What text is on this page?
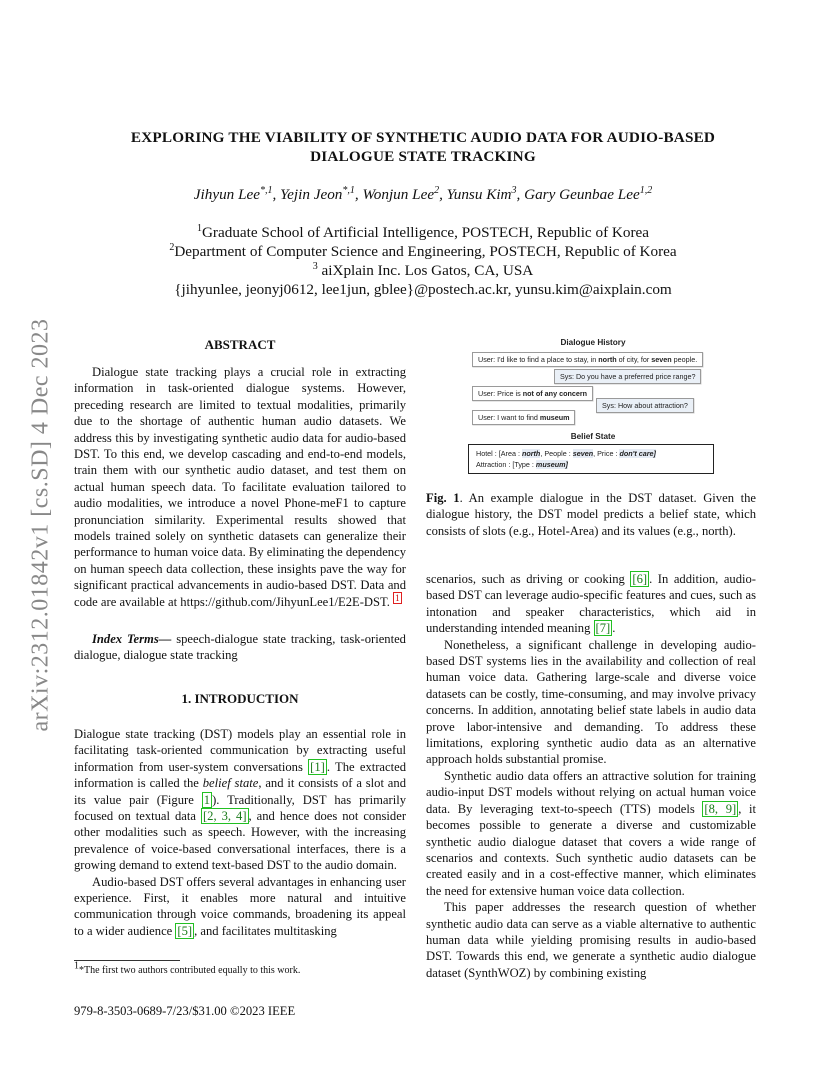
arXiv:2312.01842v1 [cs.SD] 4 Dec 2023
EXPLORING THE VIABILITY OF SYNTHETIC AUDIO DATA FOR AUDIO-BASED
DIALOGUE STATE TRACKING
Jihyun Lee$^{*,1}$, Yejin Jeon$^{*,1}$, Wonjun Lee$^2$, Yunsu Kim$^3$, Gary Geunbae Lee$^{1,2}$
$^1$Graduate School of Artificial Intelligence, POSTECH, Republic of Korea
$^2$Department of Computer Science and Engineering, POSTECH, Republic of Korea
$^3$ aiXplain Inc. Los Gatos, CA, USA
{jihyunlee, jeonyj0612, lee1jun, gblee}@postech.ac.kr, yunsu.kim@aixplain.com
ABSTRACT

Dialogue state tracking plays a crucial role in extracting information in task-oriented dialogue systems. However, preceding research are limited to textual modalities, primarily due to the shortage of authentic human audio datasets. We address this by investigating synthetic audio data for audio-based DST. To this end, we develop cascading and end-to-end models, train them with our synthetic audio dataset, and test them on actual human speech data. To facilitate evaluation tailored to audio modalities, we introduce a novel Phone-meF1 to capture pronunciation similarity. Experimental results showed that models trained solely on synthetic datasets can generalize their performance to human voice data. By eliminating the dependency on human speech data collection, these insights pave the way for significant practical advancements in audio-based DST. Data and code are available at https://github.com/JihyunLee1/E2E-DST. $^1$

Index Terms— speech-dialogue state tracking, task-oriented dialogue, dialogue state tracking

1. INTRODUCTION

Dialogue state tracking (DST) models play an essential role in facilitating task-oriented communication by extracting useful information from user-system conversations [1] . The extracted information is called the belief state, and it consists of a slot and its value pair (Figure 1 ). Traditionally, DST has primarily focused on textual data [2, 3, 4] , and hence does not consider other modalities such as speech. However, with the increasing prevalence of voice-based conversational interfaces, there is a growing demand to extend text-based DST to the audio domain.

Audio-based DST offers several advantages in enhancing user experience. First, it enables more natural and intuitive communication through voice commands, broadening its appeal to a wider audience [5] , and facilitates multitasking

Dialogue History
User: I'd like to find a place to stay, in north of city, for seven people.
Sys: Do you have a preferred price range?
User: Price is not of any concern
Sys: How about attraction?
User: I want to find museum
Belief State
Hotel : [Area : north, People : seven, Price : don't care]
Attraction : [Type : museum]
Fig. 1. An example dialogue in the DST dataset. Given the dialogue history, the DST model predicts a belief state, which consists of slots (e.g., Hotel-Area) and its values (e.g., north).

scenarios, such as driving or cooking [6] . In addition, audio-based DST can leverage audio-specific features and cues, such as intonation and speaker characteristics, which aid in understanding intended meaning [7] .

Nonetheless, a significant challenge in developing audio-based DST systems lies in the availability and collection of real human voice data. Gathering large-scale and diverse voice datasets can be costly, time-consuming, and may involve privacy concerns. In addition, annotating belief state labels in audio data prove labor-intensive and demanding. To address these limitations, exploring synthetic audio data as an alternative approach holds substantial promise.

Synthetic audio data offers an attractive solution for training audio-input DST models without relying on actual human voice data. By leveraging text-to-speech (TTS) models [8, 9] , it becomes possible to generate a diverse and customizable synthetic audio dialogue dataset that covers a wide range of scenarios and contexts. Such synthetic audio datasets can be created easily and in a cost-effective manner, which eliminates the need for extensive human voice data collection.

This paper addresses the research question of whether synthetic audio data can serve as a viable alternative to authentic human data while yielding promising results in audio-based DST. Towards this end, we generate a synthetic audio dialogue dataset (SynthWOZ) by combining existing

$^1$*The first two authors contributed equally to this work.
979-8-3503-0689-7/23/$31.00 ©2023 IEEE
